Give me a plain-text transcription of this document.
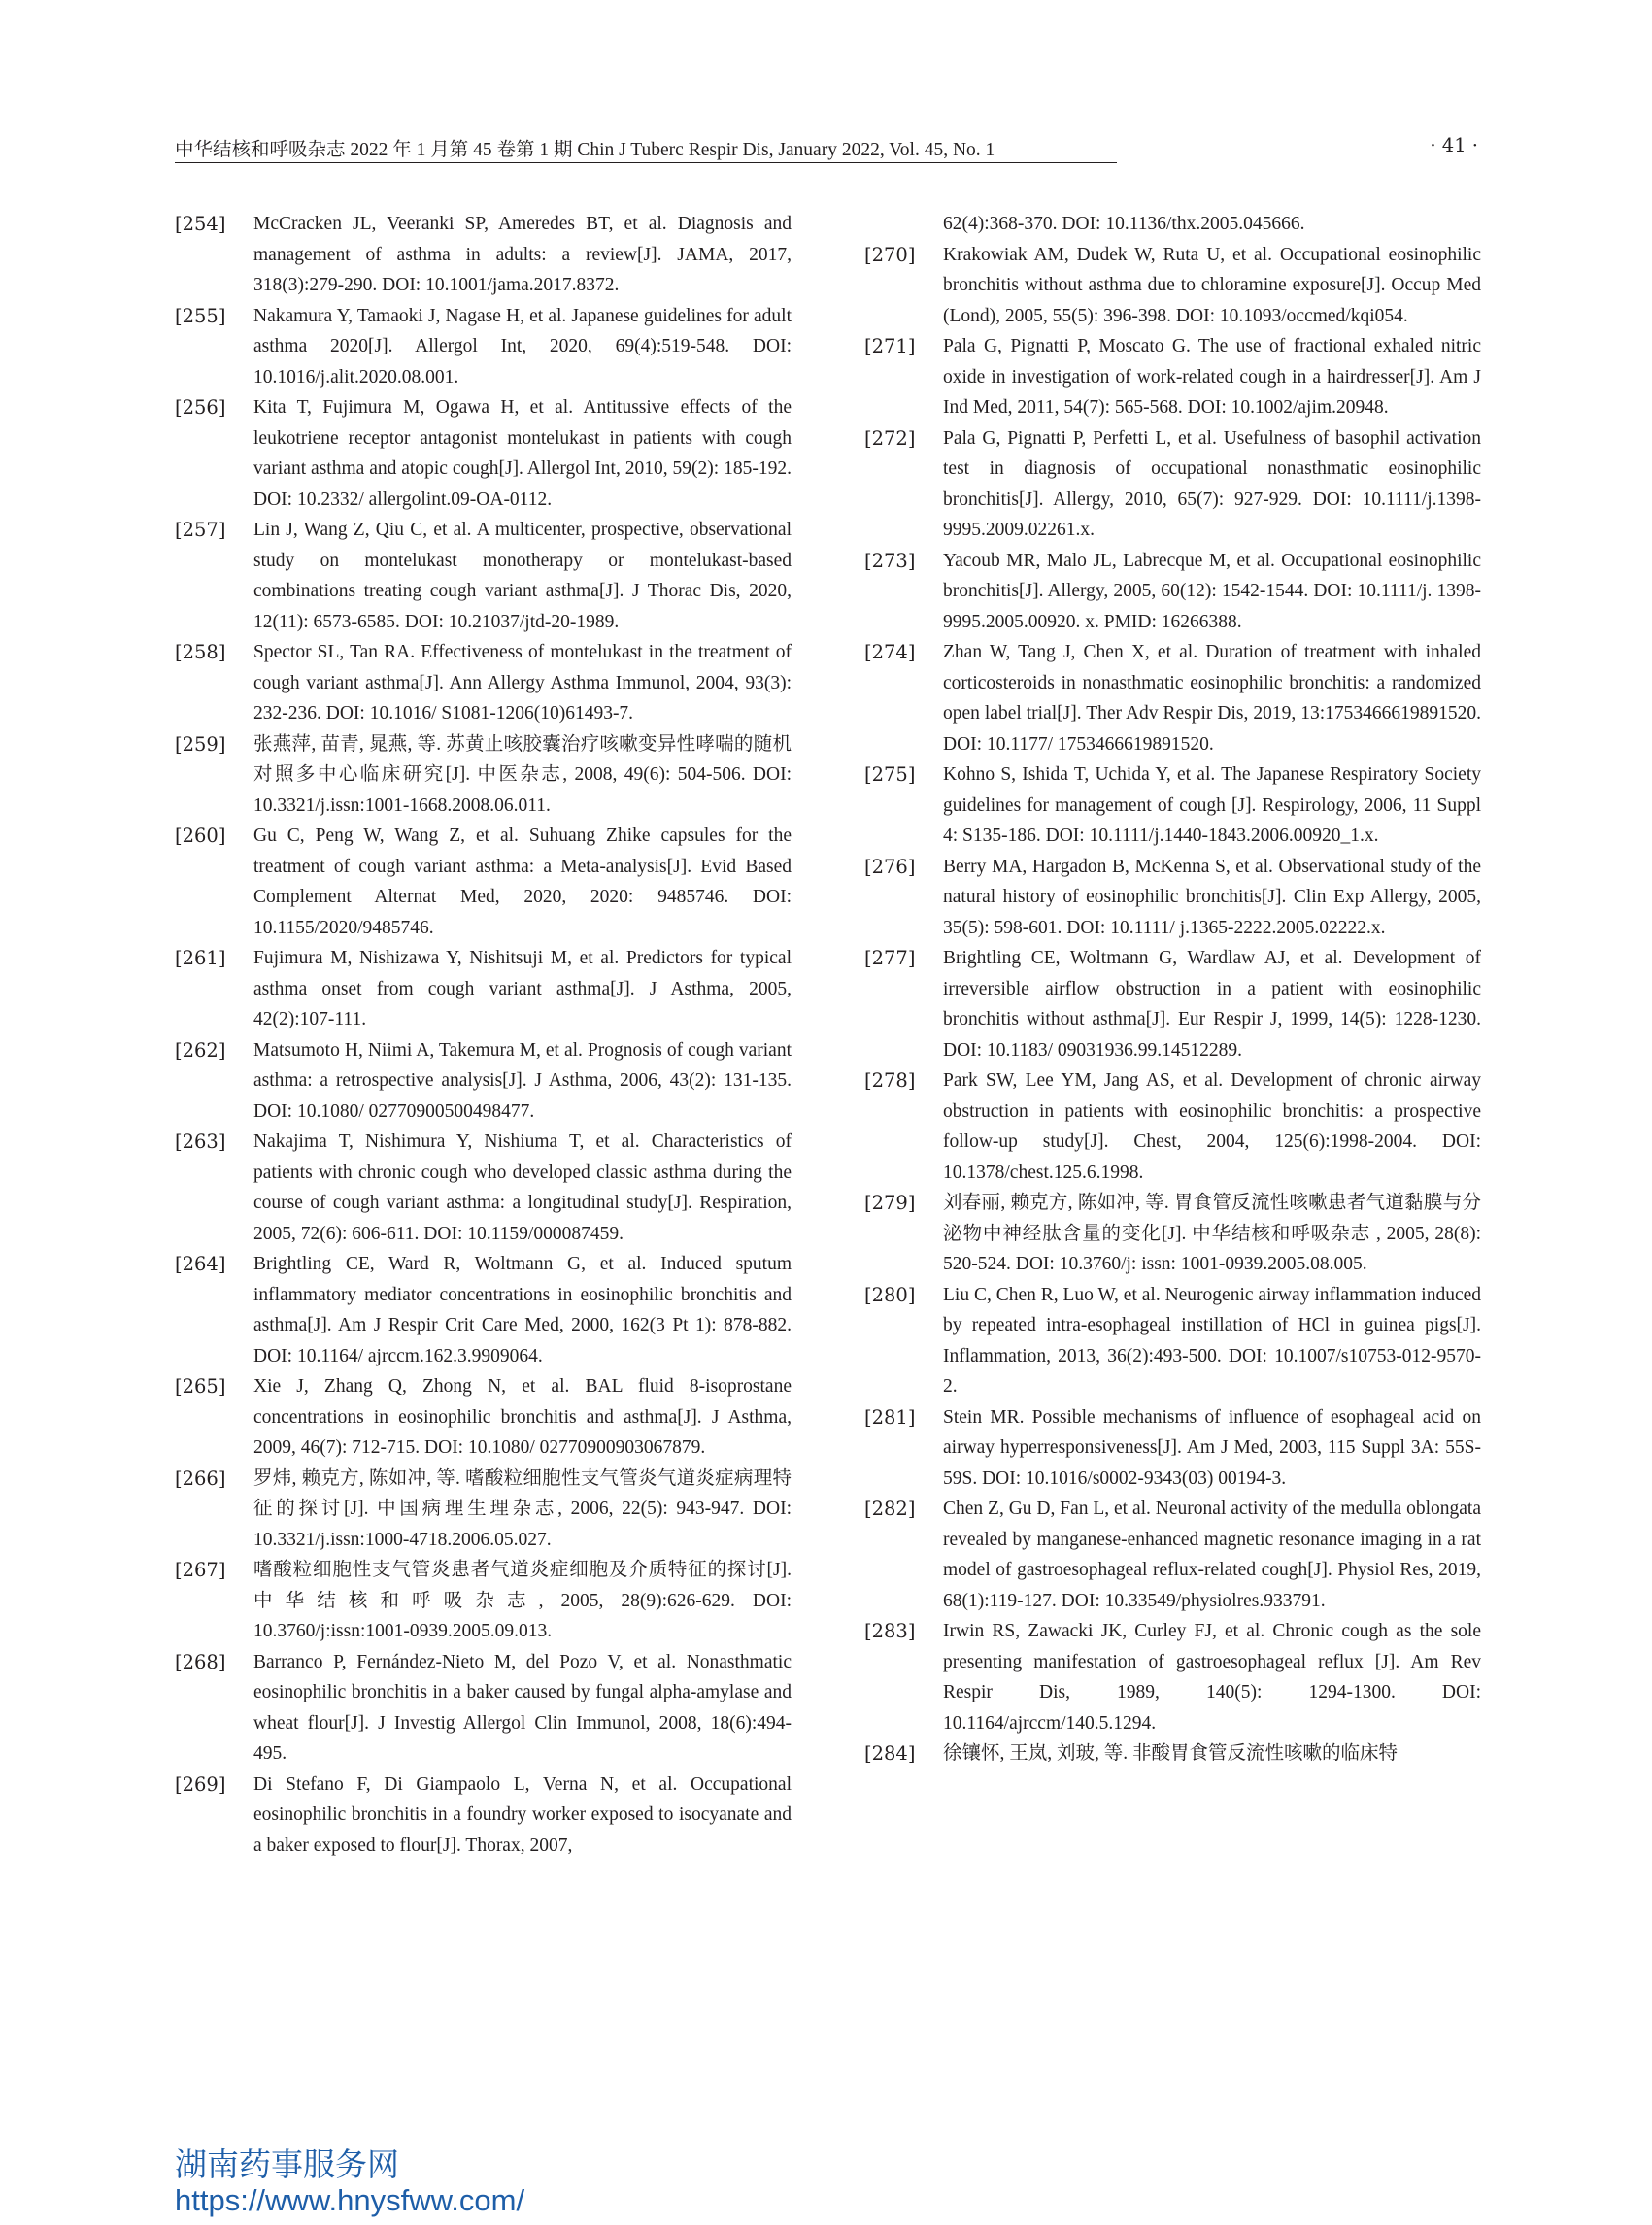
中华结核和呼吸杂志 2022 年 1 月第 45 卷第 1 期 Chin J Tuberc Respir Dis, January 2022, Vol. 45, No. 1	· 41 ·
[254] McCracken JL, Veeranki SP, Ameredes BT, et al. Diagnosis and management of asthma in adults: a review[J]. JAMA, 2017, 318(3):279-290. DOI: 10.1001/jama.2017.8372.
[255] Nakamura Y, Tamaoki J, Nagase H, et al. Japanese guidelines for adult asthma 2020[J]. Allergol Int, 2020, 69(4):519-548. DOI: 10.1016/j.alit.2020.08.001.
[256] Kita T, Fujimura M, Ogawa H, et al. Antitussive effects of the leukotriene receptor antagonist montelukast in patients with cough variant asthma and atopic cough[J]. Allergol Int, 2010, 59(2): 185-192. DOI: 10.2332/ allergolint.09-OA-0112.
[257] Lin J, Wang Z, Qiu C, et al. A multicenter, prospective, observational study on montelukast monotherapy or montelukast-based combinations treating cough variant asthma[J]. J Thorac Dis, 2020, 12(11): 6573-6585. DOI: 10.21037/jtd-20-1989.
[258] Spector SL, Tan RA. Effectiveness of montelukast in the treatment of cough variant asthma[J]. Ann Allergy Asthma Immunol, 2004, 93(3): 232-236. DOI: 10.1016/ S1081-1206(10)61493-7.
[259] 张燕萍, 苗青, 晁燕, 等. 苏黄止咳胶囊治疗咳嗽变异性哮喘的随机对照多中心临床研究[J]. 中医杂志, 2008, 49(6): 504-506. DOI: 10.3321/j.issn:1001-1668.2008.06.011.
[260] Gu C, Peng W, Wang Z, et al. Suhuang Zhike capsules for the treatment of cough variant asthma: a Meta-analysis[J]. Evid Based Complement Alternat Med, 2020, 2020: 9485746. DOI: 10.1155/2020/9485746.
[261] Fujimura M, Nishizawa Y, Nishitsuji M, et al. Predictors for typical asthma onset from cough variant asthma[J]. J Asthma, 2005, 42(2):107-111.
[262] Matsumoto H, Niimi A, Takemura M, et al. Prognosis of cough variant asthma: a retrospective analysis[J]. J Asthma, 2006, 43(2): 131-135. DOI: 10.1080/ 02770900500498477.
[263] Nakajima T, Nishimura Y, Nishiuma T, et al. Characteristics of patients with chronic cough who developed classic asthma during the course of cough variant asthma: a longitudinal study[J]. Respiration, 2005, 72(6): 606-611. DOI: 10.1159/000087459.
[264] Brightling CE, Ward R, Woltmann G, et al. Induced sputum inflammatory mediator concentrations in eosinophilic bronchitis and asthma[J]. Am J Respir Crit Care Med, 2000, 162(3 Pt 1): 878-882. DOI: 10.1164/ ajrccm.162.3.9909064.
[265] Xie J, Zhang Q, Zhong N, et al. BAL fluid 8-isoprostane concentrations in eosinophilic bronchitis and asthma[J]. J Asthma, 2009, 46(7): 712-715. DOI: 10.1080/ 02770900903067879.
[266] 罗炜, 赖克方, 陈如冲, 等. 嗜酸粒细胞性支气管炎气道炎症病理特征的探讨[J]. 中国病理生理杂志, 2006, 22(5): 943-947. DOI: 10.3321/j.issn:1000-4718.2006.05.027.
[267] 嗜酸粒细胞性支气管炎患者气道炎症细胞及介质特征的探讨[J]. 中华结核和呼吸杂志, 2005, 28(9):626-629. DOI: 10.3760/j:issn:1001-0939.2005.09.013.
[268] Barranco P, Fernández-Nieto M, del Pozo V, et al. Nonasthmatic eosinophilic bronchitis in a baker caused by fungal alpha-amylase and wheat flour[J]. J Investig Allergol Clin Immunol, 2008, 18(6):494-495.
[269] Di Stefano F, Di Giampaolo L, Verna N, et al. Occupational eosinophilic bronchitis in a foundry worker exposed to isocyanate and a baker exposed to flour[J]. Thorax, 2007,
62(4):368-370. DOI: 10.1136/thx.2005.045666.
[270] Krakowiak AM, Dudek W, Ruta U, et al. Occupational eosinophilic bronchitis without asthma due to chloramine exposure[J]. Occup Med (Lond), 2005, 55(5): 396-398. DOI: 10.1093/occmed/kqi054.
[271] Pala G, Pignatti P, Moscato G. The use of fractional exhaled nitric oxide in investigation of work-related cough in a hairdresser[J]. Am J Ind Med, 2011, 54(7): 565-568. DOI: 10.1002/ajim.20948.
[272] Pala G, Pignatti P, Perfetti L, et al. Usefulness of basophil activation test in diagnosis of occupational nonasthmatic eosinophilic bronchitis[J]. Allergy, 2010, 65(7): 927-929. DOI: 10.1111/j.1398-9995.2009.02261.x.
[273] Yacoub MR, Malo JL, Labrecque M, et al. Occupational eosinophilic bronchitis[J]. Allergy, 2005, 60(12): 1542-1544. DOI: 10.1111/j. 1398-9995.2005.00920. x. PMID: 16266388.
[274] Zhan W, Tang J, Chen X, et al. Duration of treatment with inhaled corticosteroids in nonasthmatic eosinophilic bronchitis: a randomized open label trial[J]. Ther Adv Respir Dis, 2019, 13:1753466619891520. DOI: 10.1177/ 1753466619891520.
[275] Kohno S, Ishida T, Uchida Y, et al. The Japanese Respiratory Society guidelines for management of cough [J]. Respirology, 2006, 11 Suppl 4: S135-186. DOI: 10.1111/j.1440-1843.2006.00920_1.x.
[276] Berry MA, Hargadon B, McKenna S, et al. Observational study of the natural history of eosinophilic bronchitis[J]. Clin Exp Allergy, 2005, 35(5): 598-601. DOI: 10.1111/ j.1365-2222.2005.02222.x.
[277] Brightling CE, Woltmann G, Wardlaw AJ, et al. Development of irreversible airflow obstruction in a patient with eosinophilic bronchitis without asthma[J]. Eur Respir J, 1999, 14(5): 1228-1230. DOI: 10.1183/ 09031936.99.14512289.
[278] Park SW, Lee YM, Jang AS, et al. Development of chronic airway obstruction in patients with eosinophilic bronchitis: a prospective follow-up study[J]. Chest, 2004, 125(6):1998-2004. DOI: 10.1378/chest.125.6.1998.
[279] 刘春丽, 赖克方, 陈如冲, 等. 胃食管反流性咳嗽患者气道黏膜与分泌物中神经肽含量的变化[J]. 中华结核和呼吸杂志 , 2005, 28(8): 520-524. DOI: 10.3760/j: issn: 1001-0939.2005.08.005.
[280] Liu C, Chen R, Luo W, et al. Neurogenic airway inflammation induced by repeated intra-esophageal instillation of HCl in guinea pigs[J]. Inflammation, 2013, 36(2):493-500. DOI: 10.1007/s10753-012-9570-2.
[281] Stein MR. Possible mechanisms of influence of esophageal acid on airway hyperresponsiveness[J]. Am J Med, 2003, 115 Suppl 3A: 55S-59S. DOI: 10.1016/s0002-9343(03) 00194-3.
[282] Chen Z, Gu D, Fan L, et al. Neuronal activity of the medulla oblongata revealed by manganese-enhanced magnetic resonance imaging in a rat model of gastroesophageal reflux-related cough[J]. Physiol Res, 2019, 68(1):119-127. DOI: 10.33549/physiolres.933791.
[283] Irwin RS, Zawacki JK, Curley FJ, et al. Chronic cough as the sole presenting manifestation of gastroesophageal reflux [J]. Am Rev Respir Dis, 1989, 140(5): 1294-1300. DOI: 10.1164/ajrccm/140.5.1294.
[284] 徐镶怀, 王岚, 刘玻, 等. 非酸胃食管反流性咳嗽的临床特
湖南药事服务网
https://www.hnysfww.com/
